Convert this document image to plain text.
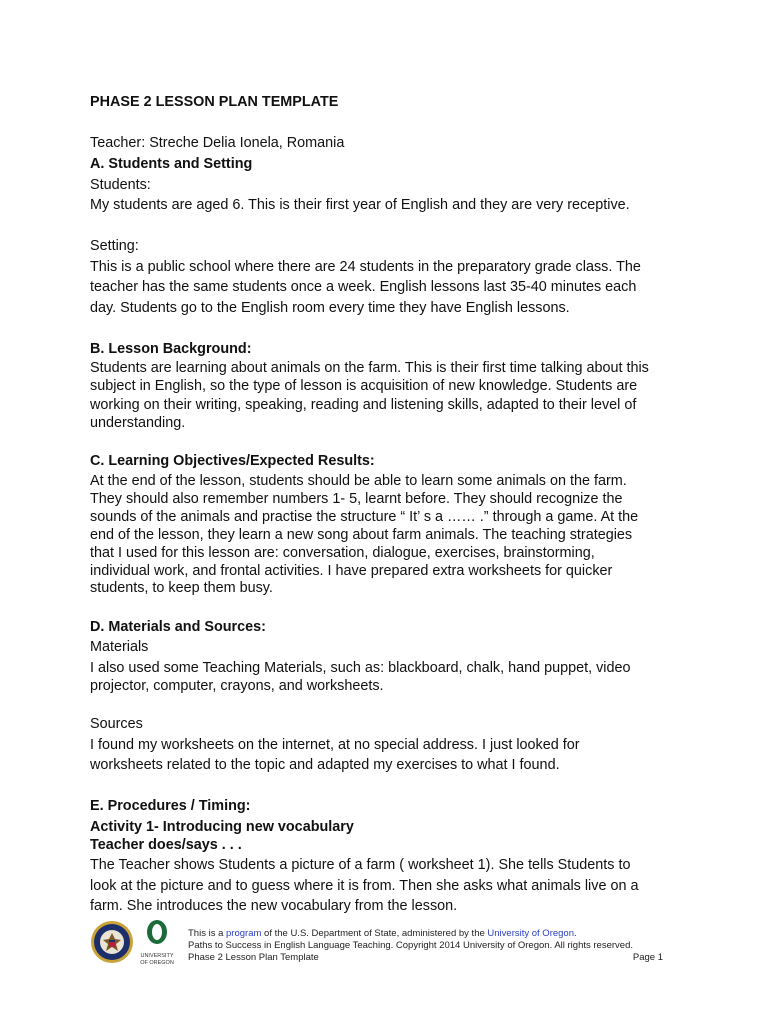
PHASE 2 LESSON PLAN TEMPLATE
Teacher: Streche Delia Ionela, Romania
A. Students and Setting
Students:
My students are aged 6. This is their first year of English and they are very receptive.
Setting:
This is a public school where there are 24 students in the preparatory grade class. The
teacher has the same students once a week. English lessons last 35-40 minutes each
day. Students go to the English room every time they have English lessons.
B. Lesson Background:
Students are learning about animals on the farm. This is their first time talking about this
subject in English, so the type of lesson is acquisition of new knowledge. Students are
working on their writing, speaking, reading and listening skills, adapted to their level of
understanding.
C. Learning Objectives/Expected Results:
At the end of the lesson, students should be able to learn some animals on the farm.
They should also remember numbers 1- 5, learnt before. They should recognize the
sounds of the animals and practise the structure “ It’ s a …… .” through a game. At the
end of the lesson, they learn a new song about farm animals. The teaching strategies
that I used for this lesson are: conversation, dialogue, exercises, brainstorming,
individual work, and frontal activities. I have prepared extra worksheets for quicker
students, to keep them busy.
D. Materials and Sources:
Materials
I also used some Teaching Materials, such as: blackboard, chalk, hand puppet, video
projector, computer, crayons, and worksheets.
Sources
I found my worksheets on the internet, at no special address. I just looked for
worksheets related to the topic and adapted my exercises to what I found.
E. Procedures / Timing:
Activity 1- Introducing new vocabulary
Teacher does/says . . .
The Teacher shows Students a picture of a farm ( worksheet 1). She tells Students to
look at the picture and to guess where it is from. Then she asks what animals live on a
farm. She introduces the new vocabulary from the lesson.
UNIVERSITY
OF OREGON
This is a program of the U.S. Department of State, administered by the University of Oregon.
Paths to Success in English Language Teaching. Copyright 2014 University of Oregon. All rights reserved.
Phase 2 Lesson Plan Template	Page 1
